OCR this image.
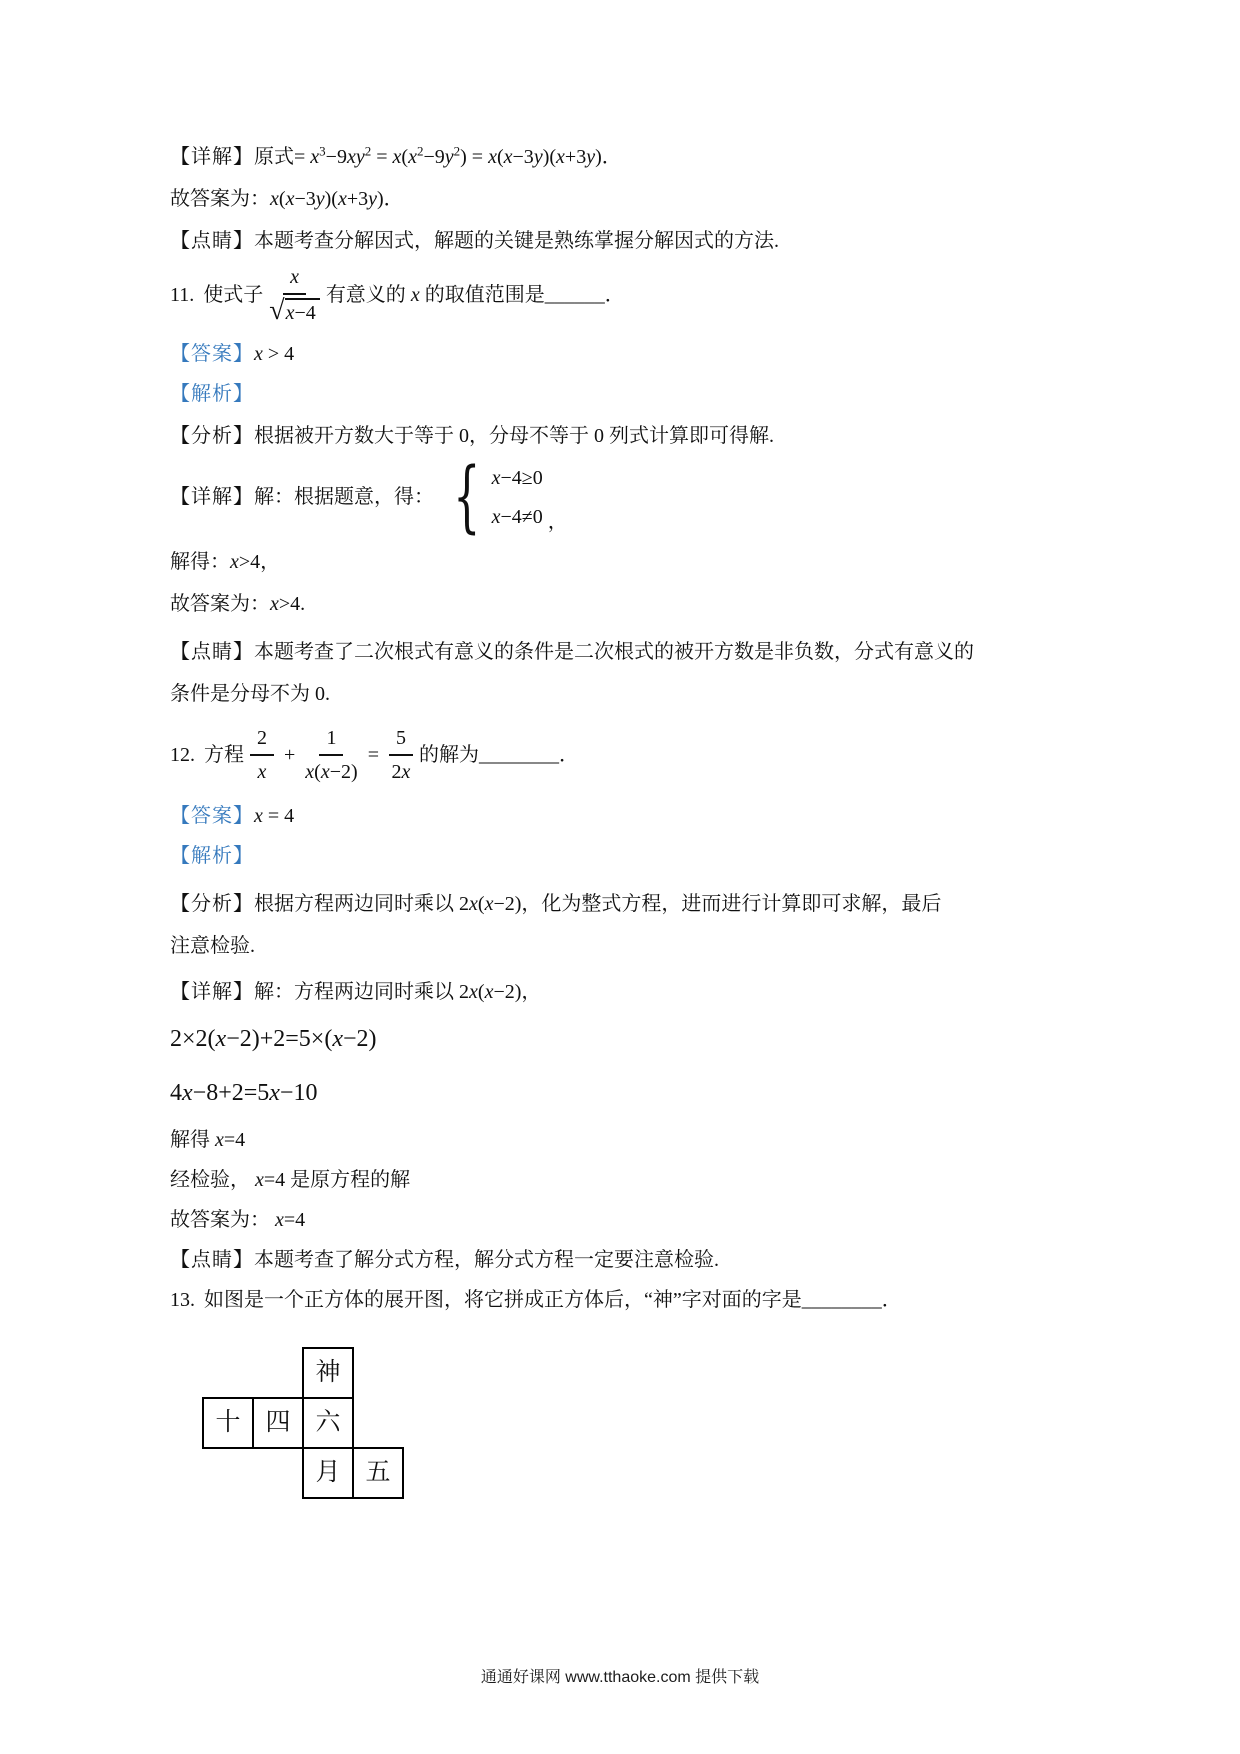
【详解】原式= $x^3-9xy^2 = x(x^2-9y^2) = x(x-3y)(x+3y)$．

故答案为：x(x−3y)(x+3y)．

【点睛】本题考查分解因式，解题的关键是熟练掌握分解因式的方法.

11. 使式子 $\frac{x}{√ x-4}$ 有意义的 x 的取值范围是 ______．

【答案】x > 4

【解析】

【分析】根据被开方数大于等于 0，分母不等于 0 列式计算即可得解.

【详解】 解：根据题意，得： { x−4≥0
x−4≠0 ，

解得：x>4，

故答案为：x>4.

【点睛】本题考查了二次根式有意义的条件是二次根式的被开方数是非负数，分式有意义的
条件是分母不为 0.

12. 方程 $\frac{2}{x} + \frac{1}{x ( x -2)} = \frac{5}{2 x}$ 的解为 ________．

【答案】x = 4

【解析】

【分析】根据方程两边同时乘以 2x(x−2)，化为整式方程，进而进行计算即可求解，最后
注意检验.

【详解】解：方程两边同时乘以 2x(x−2)，

2×2(x−2)+2=5×(x−2)

4x−8+2=5x−10

解得 x=4

经检验， x=4 是原方程的解

故答案为： x=4

【点睛】本题考查了解分式方程，解分式方程一定要注意检验.

13. 如图是一个正方体的展开图，将它拼成正方体后，“神”字对面的字是________．

神
十 四 六
月 五
通通好课网 www.tthaoke.com 提供下载
